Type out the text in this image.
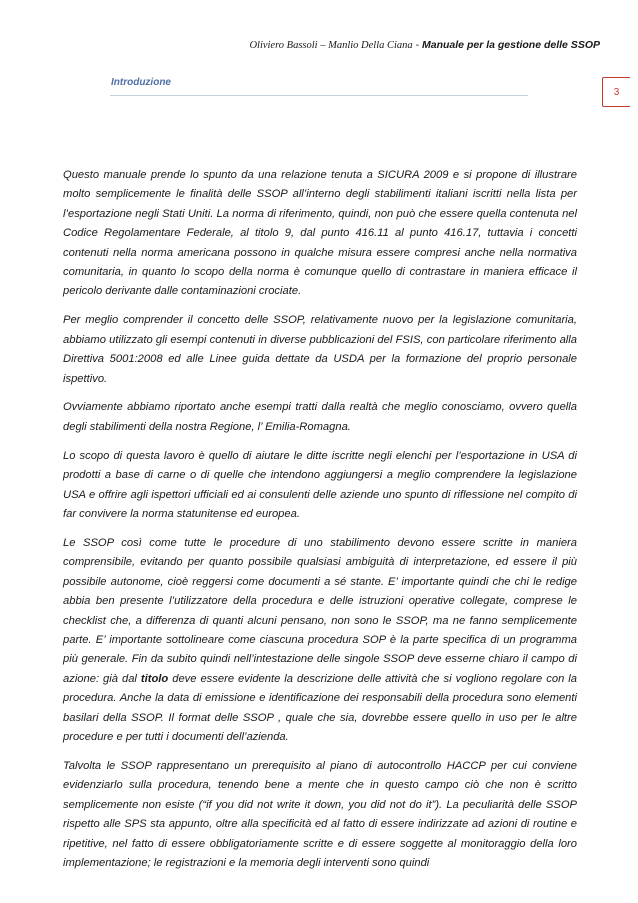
Oliviero Bassoli – Manlio Della Ciana - Manuale per la gestione delle SSOP
Introduzione
3

Questo manuale prende lo spunto da una relazione tenuta a SICURA 2009 e si propone di illustrare molto semplicemente le finalità delle SSOP all’interno degli stabilimenti italiani iscritti nella lista per l’esportazione negli Stati Uniti. La norma di riferimento, quindi, non può che essere quella contenuta nel Codice Regolamentare Federale, al titolo 9, dal punto 416.11 al punto 416.17, tuttavia i concetti contenuti nella norma americana possono in qualche misura essere compresi anche nella normativa comunitaria, in quanto lo scopo della norma è comunque quello di contrastare in maniera efficace il pericolo derivante dalle contaminazioni crociate.

Per meglio comprender il concetto delle SSOP, relativamente nuovo per la legislazione comunitaria, abbiamo utilizzato gli esempi contenuti in diverse pubblicazioni del FSIS, con particolare riferimento alla Direttiva 5001:2008 ed alle Linee guida dettate da USDA per la formazione del proprio personale ispettivo.

Ovviamente abbiamo riportato anche esempi tratti dalla realtà che meglio conosciamo, ovvero quella degli stabilimenti della nostra Regione, l’ Emilia-Romagna.

Lo scopo di questa lavoro è quello di aiutare le ditte iscritte negli elenchi per l’esportazione in USA di prodotti a base di carne o di quelle che intendono aggiungersi a meglio comprendere la legislazione USA e offrire agli ispettori ufficiali ed ai consulenti delle aziende uno spunto di riflessione nel compito di far convivere la norma statunitense ed europea.

Le SSOP così come tutte le procedure di uno stabilimento devono essere scritte in maniera comprensibile, evitando per quanto possibile qualsiasi ambiguità di interpretazione, ed essere il più possibile autonome, cioè reggersi come documenti a sé stante. E’ importante quindi che chi le redige abbia ben presente l’utilizzatore della procedura e delle istruzioni operative collegate, comprese le checklist che, a differenza di quanti alcuni pensano, non sono le SSOP, ma ne fanno semplicemente parte. E’ importante sottolineare come ciascuna procedura SOP è la parte specifica di un programma più generale. Fin da subito quindi nell’intestazione delle singole SSOP deve esserne chiaro il campo di azione: già dal titolo deve essere evidente la descrizione delle attività che si vogliono regolare con la procedura. Anche la data di emissione e identificazione dei responsabili della procedura sono elementi basilari della SSOP. Il format delle SSOP , quale che sia, dovrebbe essere quello in uso per le altre procedure e per tutti i documenti dell’azienda.

Talvolta le SSOP rappresentano un prerequisito al piano di autocontrollo HACCP per cui conviene evidenziarlo sulla procedura, tenendo bene a mente che in questo campo ciò che non è scritto semplicemente non esiste (“if you did not write it down, you did not do it”). La peculiarità delle SSOP rispetto alle SPS sta appunto, oltre alla specificità ed al fatto di essere indirizzate ad azioni di routine e ripetitive, nel fatto di essere obbligatoriamente scritte e di essere soggette al monitoraggio della loro implementazione; le registrazioni e la memoria degli interventi sono quindi
